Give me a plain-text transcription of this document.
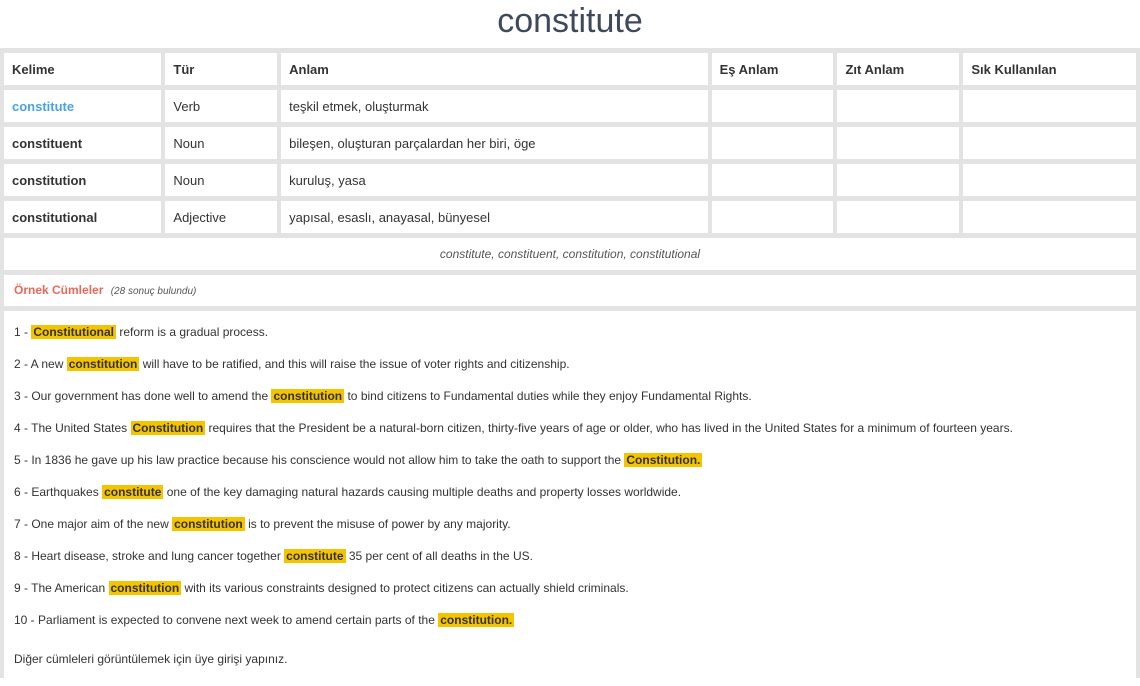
constitute
Kelime	Tür	Anlam	Eş Anlam	Zıt Anlam	Sık Kullanılan
constitute	Verb	teşkil etmek, oluşturmak			
constituent	Noun	bileşen, oluşturan parçalardan her biri, öge			
constitution	Noun	kuruluş, yasa			
constitutional	Adjective	yapısal, esaslı, anayasal, bünyesel			
constitute, constituent, constitution, constitutional
Örnek Cümleler (28 sonuç bulundu)
1 - Constitutional reform is a gradual process.
2 - A new constitution will have to be ratified, and this will raise the issue of voter rights and citizenship.
3 - Our government has done well to amend the constitution to bind citizens to Fundamental duties while they enjoy Fundamental Rights.
4 - The United States Constitution requires that the President be a natural-born citizen, thirty-five years of age or older, who has lived in the United States for a minimum of fourteen years.
5 - In 1836 he gave up his law practice because his conscience would not allow him to take the oath to support the Constitution.
6 - Earthquakes constitute one of the key damaging natural hazards causing multiple deaths and property losses worldwide.
7 - One major aim of the new constitution is to prevent the misuse of power by any majority.
8 - Heart disease, stroke and lung cancer together constitute 35 per cent of all deaths in the US.
9 - The American constitution with its various constraints designed to protect citizens can actually shield criminals.
10 - Parliament is expected to convene next week to amend certain parts of the constitution.
Diğer cümleleri görüntülemek için üye girişi yapınız.
